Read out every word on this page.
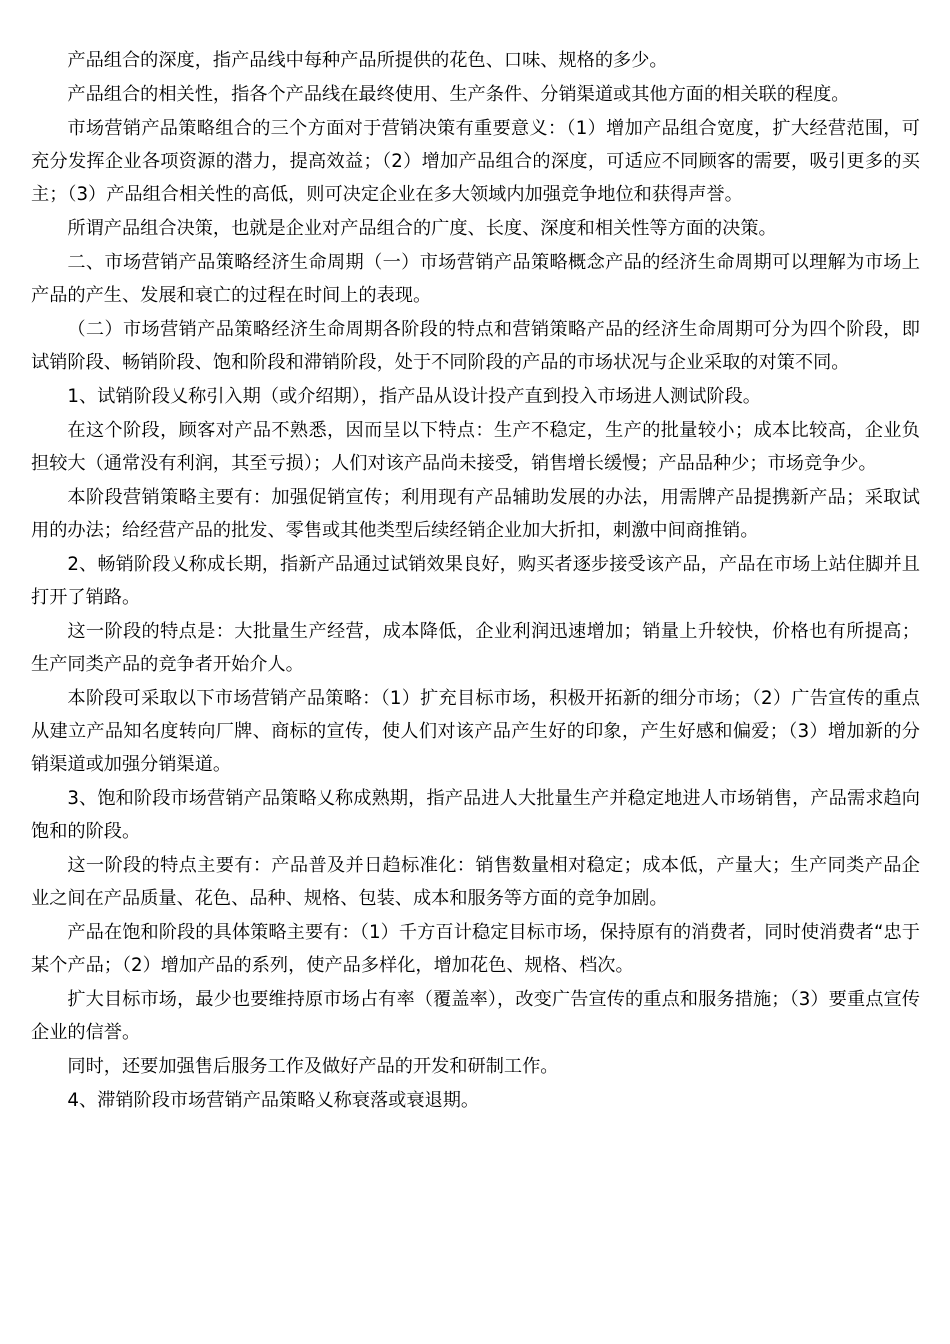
产品组合的深度，指产品线中每种产品所提供的花色、口味、规格的多少。

产品组合的相关性，指各个产品线在最终使用、生产条件、分销渠道或其他方面的相关联的程度。

市场营销产品策略组合的三个方面对于营销决策有重要意义：（1）增加产品组合宽度，扩大经营范围，可充分发挥企业各项资源的潜力，提高效益；（2）增加产品组合的深度，可适应不同顾客的需要，吸引更多的买主；（3）产品组合相关性的高低，则可决定企业在多大领域内加强竞争地位和获得声誉。

所谓产品组合决策，也就是企业对产品组合的广度、长度、深度和相关性等方面的决策。

二、市场营销产品策略经济生命周期（一）市场营销产品策略概念产品的经济生命周期可以理解为市场上产品的产生、发展和衰亡的过程在时间上的表现。

（二）市场营销产品策略经济生命周期各阶段的特点和营销策略产品的经济生命周期可分为四个阶段，即试销阶段、畅销阶段、饱和阶段和滞销阶段，处于不同阶段的产品的市场状况与企业采取的对策不同。

1、试销阶段乂称引入期（或介绍期），指产品从设计投产直到投入市场进人测试阶段。

在这个阶段，顾客对产品不熟悉，因而呈以下特点：生产不稳定，生产的批量较小；成本比较高，企业负担较大（通常没有利润，其至亏损）；人们对该产品尚未接受，销售增长缓慢；产品品种少；市场竞争少。

本阶段营销策略主要有：加强促销宣传；利用现有产品辅助发展的办法，用需牌产品提携新产品；采取试用的办法；给经营产品的批发、零售或其他类型后续经销企业加大折扣，刺激中间商推销。

2、畅销阶段乂称成长期，指新产品通过试销效果良好，购买者逐步接受该产品，产品在市场上站住脚并且打开了销路。

这一阶段的特点是：大批量生产经营，成本降低，企业利润迅速增加；销量上升较快，价格也有所提高；生产同类产品的竞争者开始介人。

本阶段可采取以下市场营销产品策略：（1）扩充目标市场，积极开拓新的细分市场；（2）广告宣传的重点从建立产品知名度转向厂牌、商标的宣传，使人们对该产品产生好的印象，产生好感和偏爱；（3）增加新的分销渠道或加强分销渠道。

3、饱和阶段市场营销产品策略乂称成熟期，指产品进人大批量生产并稳定地进人市场销售，产品需求趋向饱和的阶段。

这一阶段的特点主要有：产品普及并日趋标准化：销售数量相对稳定；成本低，产量大；生产同类产品企业之间在产品质量、花色、品种、规格、包装、成本和服务等方面的竞争加剧。

产品在饱和阶段的具体策略主要有：（1）千方百计稳定目标市场，保持原有的消费者，同时使消费者“忠于某个产品；（2）增加产品的系列，使产品多样化，增加花色、规格、档次。

扩大目标市场，最少也要维持原市场占有率（覆盖率），改变广告宣传的重点和服务措施；（3）要重点宣传企业的信誉。

同时，还要加强售后服务工作及做好产品的开发和研制工作。

4、滞销阶段市场营销产品策略乂称衰落或衰退期。
